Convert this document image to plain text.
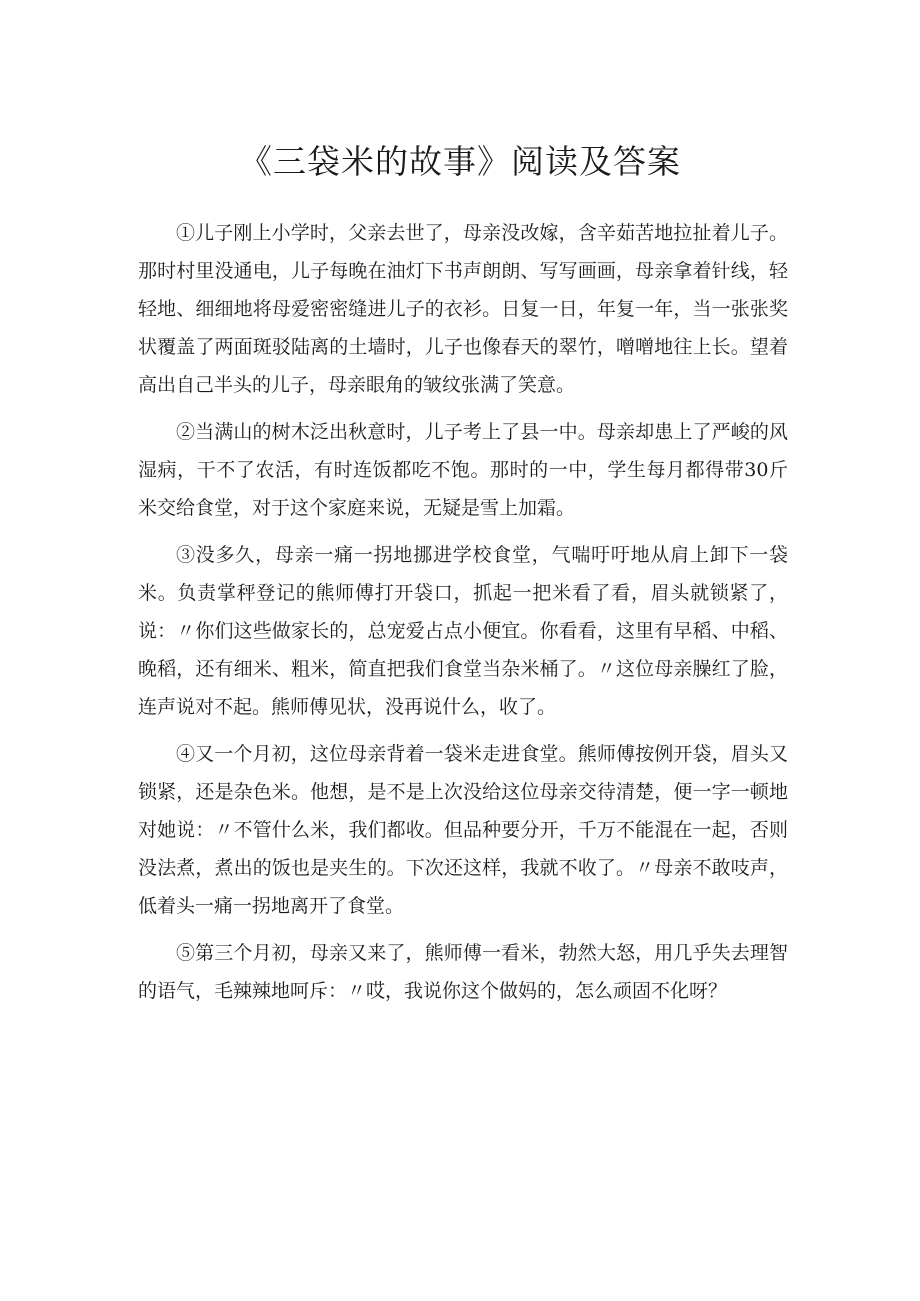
《三袋米的故事》阅读及答案

①儿子刚上小学时，父亲去世了，母亲没改嫁，含辛茹苦地拉扯着儿子。那时村里没通电，儿子每晚在油灯下书声朗朗、写写画画，母亲拿着针线，轻轻地、细细地将母爱密密缝进儿子的衣衫。日复一日，年复一年，当一张张奖状覆盖了两面斑驳陆离的土墙时，儿子也像春天的翠竹，噌噌地往上长。望着高出自己半头的儿子，母亲眼角的皱纹张满了笑意。

②当满山的树木泛出秋意时，儿子考上了县一中。母亲却患上了严峻的风湿病，干不了农活，有时连饭都吃不饱。那时的一中，学生每月都得带30斤米交给食堂，对于这个家庭来说，无疑是雪上加霜。

③没多久，母亲一痛一拐地挪进学校食堂，气喘吁吁地从肩上卸下一袋米。负责掌秤登记的熊师傅打开袋口，抓起一把米看了看，眉头就锁紧了，说：〃你们这些做家长的，总宠爱占点小便宜。你看看，这里有早稻、中稻、晚稻，还有细米、粗米，简直把我们食堂当杂米桶了。〃这位母亲臊红了脸，连声说对不起。熊师傅见状，没再说什么，收了。

④又一个月初，这位母亲背着一袋米走进食堂。熊师傅按例开袋，眉头又锁紧，还是杂色米。他想，是不是上次没给这位母亲交待清楚，便一字一顿地对她说：〃不管什么米，我们都收。但品种要分开，千万不能混在一起，否则没法煮，煮出的饭也是夹生的。下次还这样，我就不收了。〃母亲不敢吱声，低着头一痛一拐地离开了食堂。

⑤第三个月初，母亲又来了，熊师傅一看米，勃然大怒，用几乎失去理智的语气，毛辣辣地呵斥：〃哎，我说你这个做妈的，怎么顽固不化呀？
